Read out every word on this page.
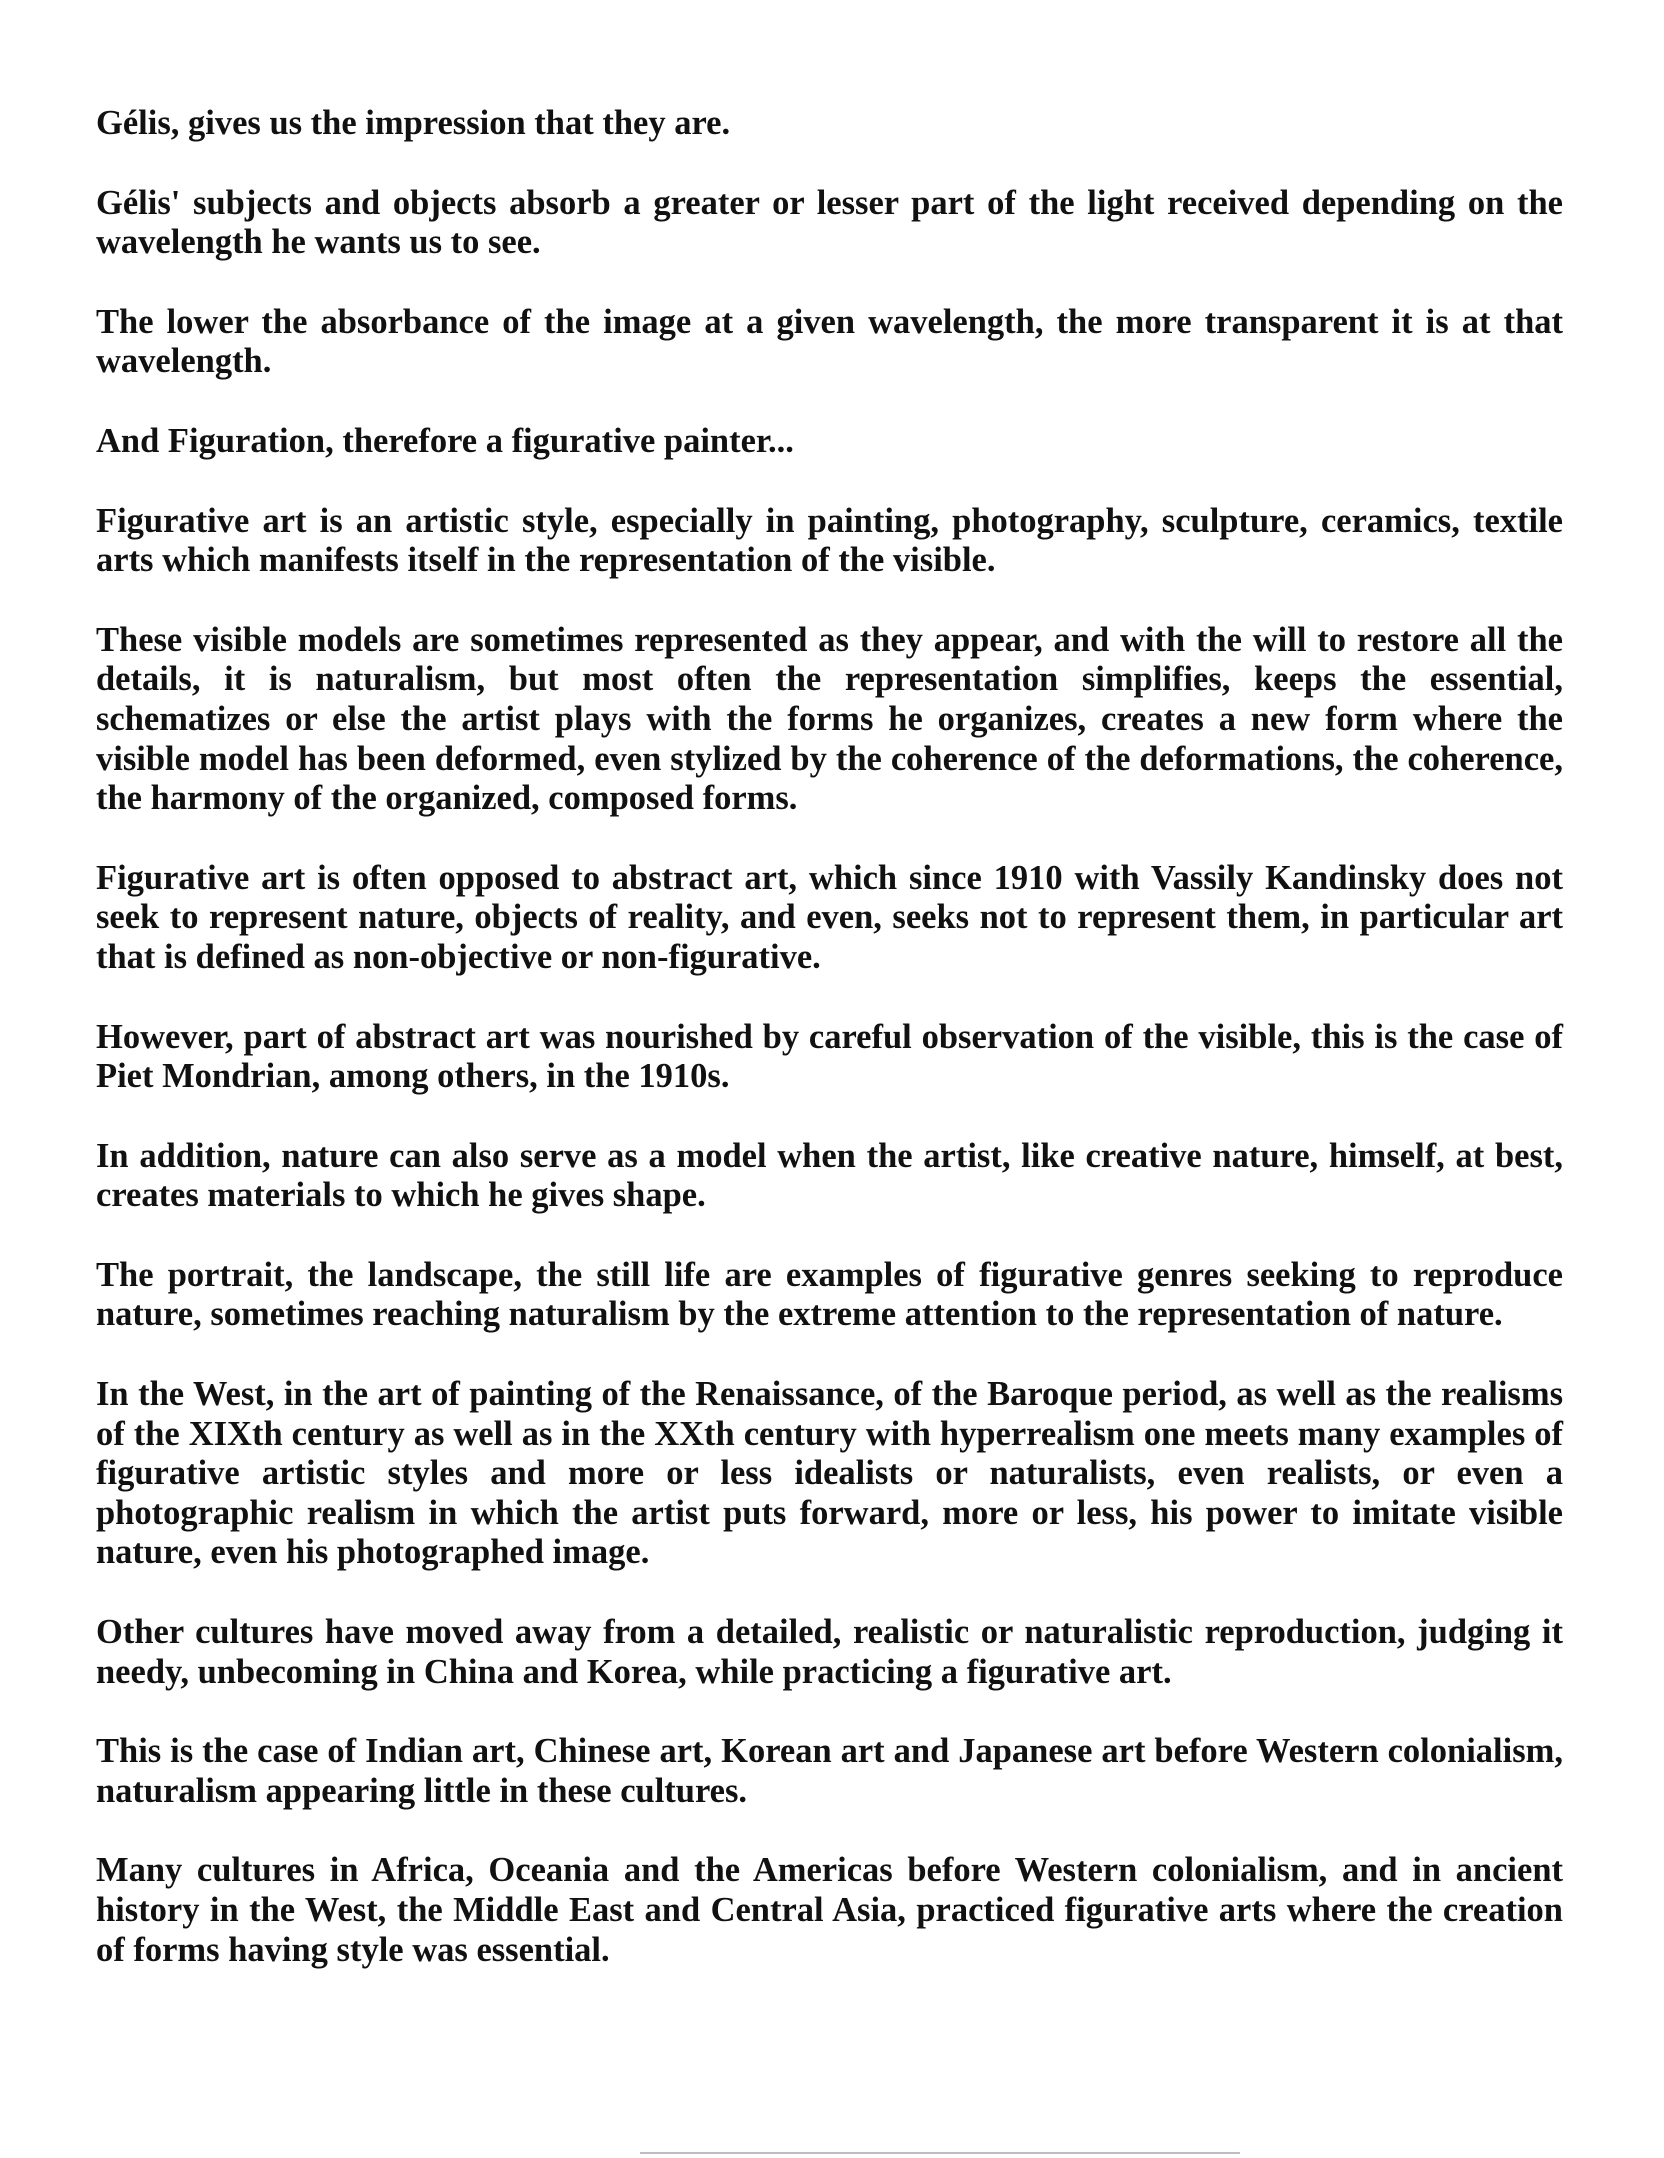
Gélis, gives us the impression that they are.

Gélis' subjects and objects absorb a greater or lesser part of the light received depending on the wavelength he wants us to see.

The lower the absorbance of the image at a given wavelength, the more transparent it is at that wavelength.

And Figuration, therefore a figurative painter...

Figurative art is an artistic style, especially in painting, photography, sculpture, ceramics, textile arts which manifests itself in the representation of the visible.

These visible models are sometimes represented as they appear, and with the will to restore all the details, it is naturalism, but most often the representation simplifies, keeps the essential, schematizes or else the artist plays with the forms he organizes, creates a new form where the visible model has been deformed, even stylized by the coherence of the deformations, the coherence, the harmony of the organized, composed forms.

Figurative art is often opposed to abstract art, which since 1910 with Vassily Kandinsky does not seek to represent nature, objects of reality, and even, seeks not to represent them, in particular art that is defined as non-objective or non-figurative.

However, part of abstract art was nourished by careful observation of the visible, this is the case of Piet Mondrian, among others, in the 1910s.

In addition, nature can also serve as a model when the artist, like creative nature, himself, at best, creates materials to which he gives shape.

The portrait, the landscape, the still life are examples of figurative genres seeking to reproduce nature, sometimes reaching naturalism by the extreme attention to the representation of nature.

In the West, in the art of painting of the Renaissance, of the Baroque period, as well as the realisms of the XIXth century as well as in the XXth century with hyperrealism one meets many examples of figurative artistic styles and more or less idealists or naturalists, even realists, or even a photographic realism in which the artist puts forward, more or less, his power to imitate visible nature, even his photographed image.

Other cultures have moved away from a detailed, realistic or naturalistic reproduction, judging it needy, unbecoming in China and Korea, while practicing a figurative art.

This is the case of Indian art, Chinese art, Korean art and Japanese art before Western colonialism, naturalism appearing little in these cultures.

Many cultures in Africa, Oceania and the Americas before Western colonialism, and in ancient history in the West, the Middle East and Central Asia, practiced figurative arts where the creation of forms having style was essential.
